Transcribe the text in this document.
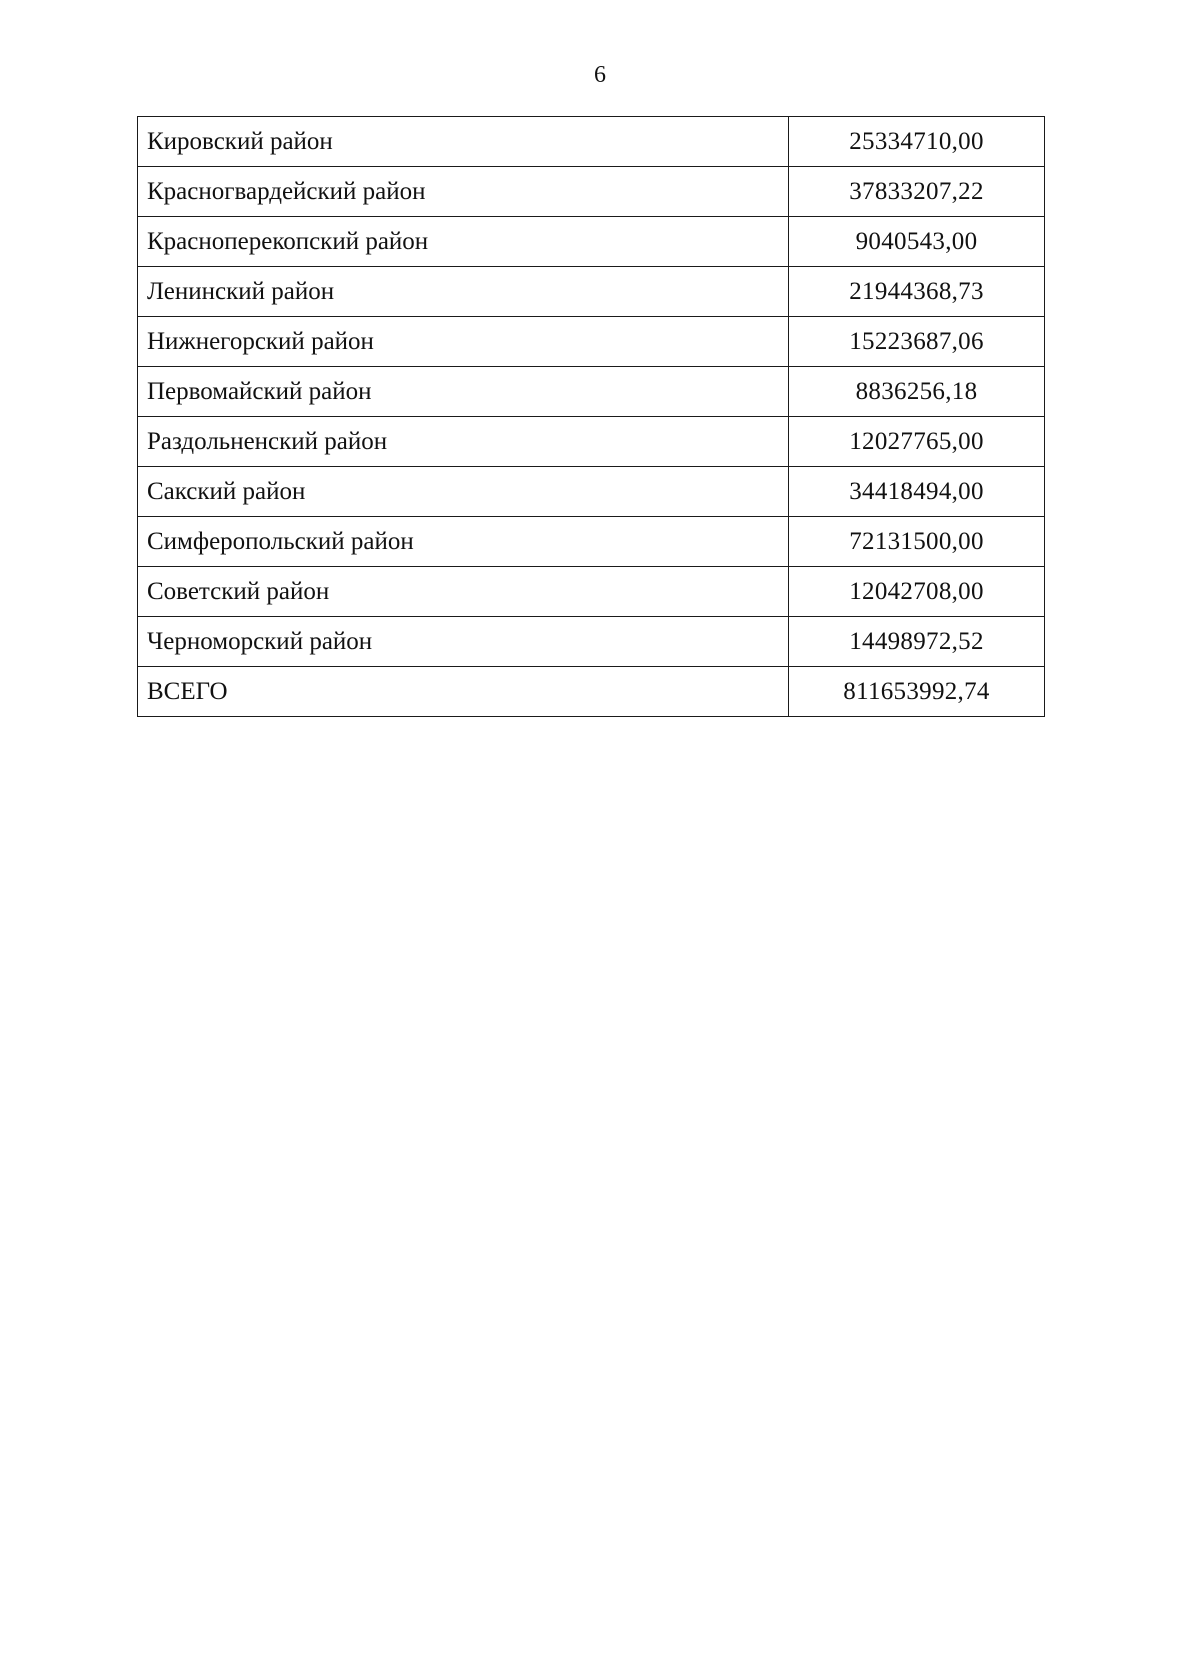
6
Кировский район	25334710,00
Красногвардейский район	37833207,22
Красноперекопский район	9040543,00
Ленинский район	21944368,73
Нижнегорский район	15223687,06
Первомайский район	8836256,18
Раздольненский район	12027765,00
Сакский район	34418494,00
Симферопольский район	72131500,00
Советский район	12042708,00
Черноморский район	14498972,52
ВСЕГО	811653992,74
